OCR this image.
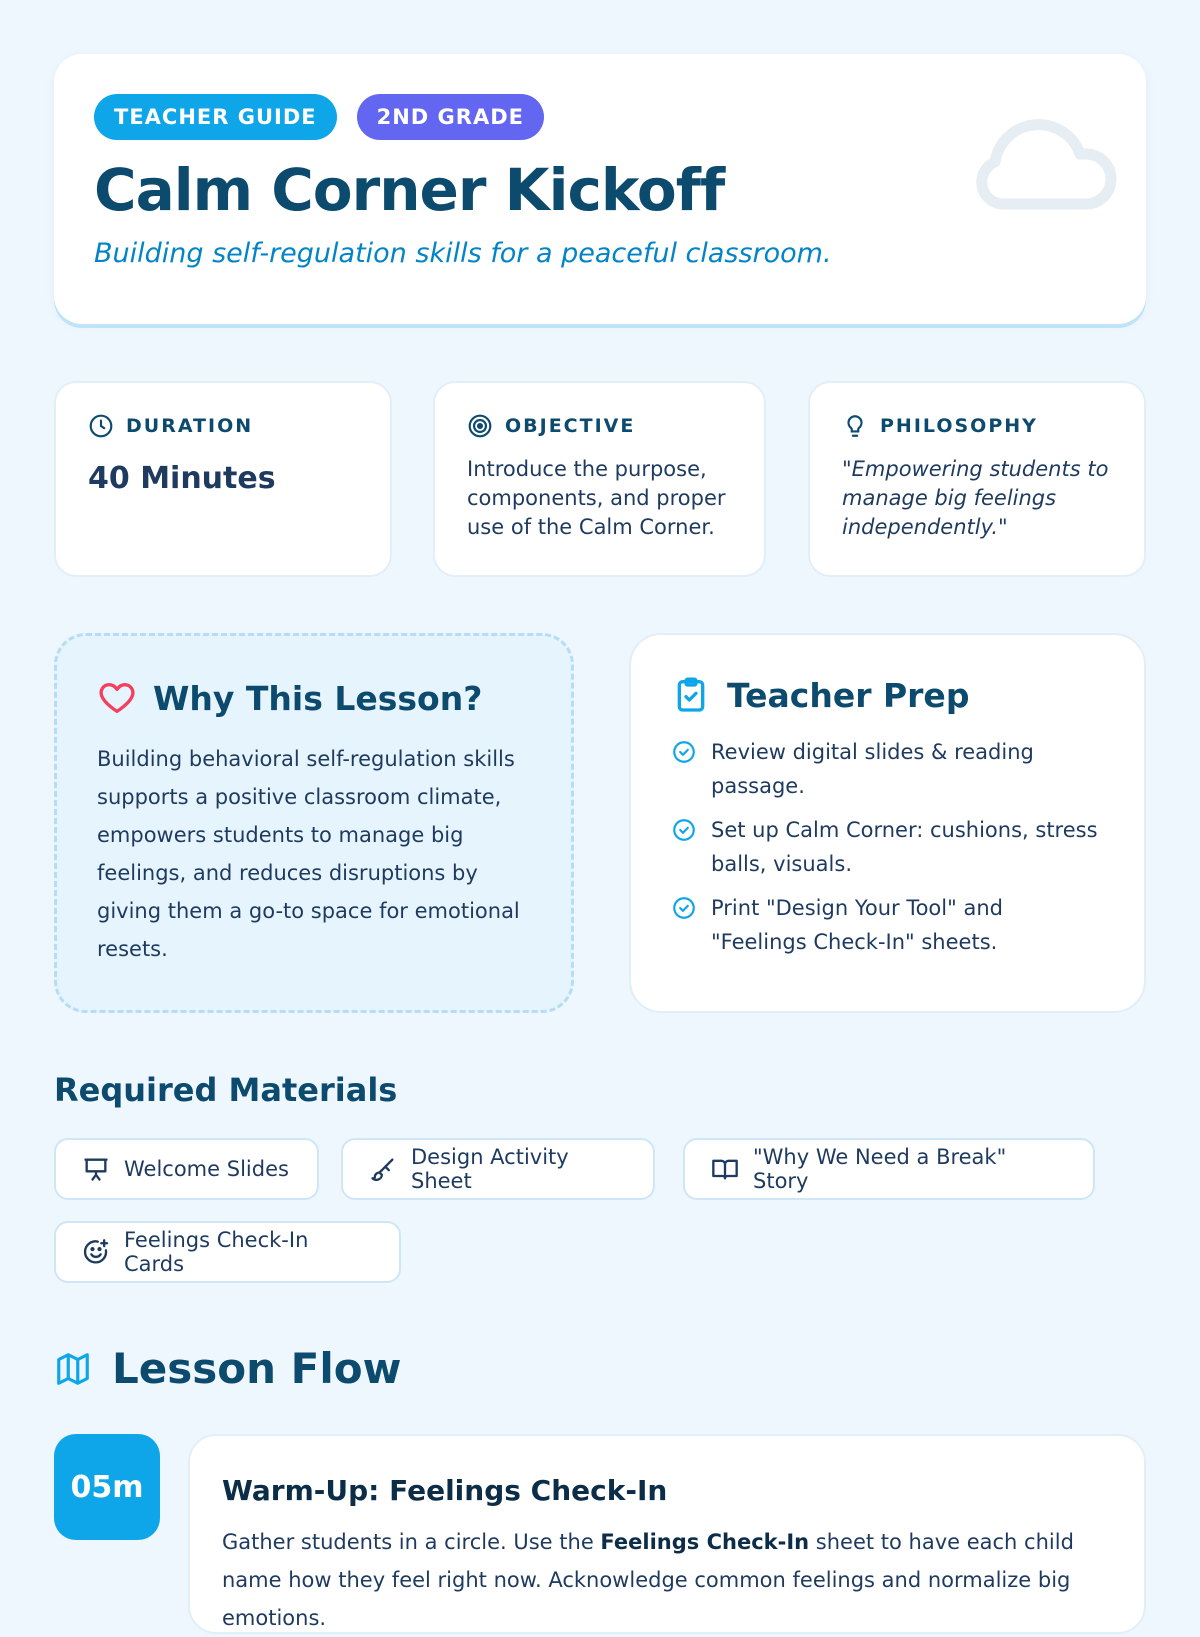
TEACHER GUIDE	2ND GRADE
Calm Corner Kickoff

Building self-regulation skills for a peaceful classroom.

DURATION
40 Minutes
OBJECTIVE
Introduce the purpose, components, and proper use of the Calm Corner.
PHILOSOPHY
"Empowering students to manage big feelings independently."
Why This Lesson?

Building behavioral self-regulation skills supports a positive classroom climate, empowers students to manage big feelings, and reduces disruptions by giving them a go-to space for emotional resets.

Teacher Prep
Review digital slides & reading passage.
Set up Calm Corner: cushions, stress balls, visuals.
Print "Design Your Tool" and "Feelings Check-In" sheets.
Required Materials
Welcome Slides	Design Activity Sheet
"Why We Need a Break" Story
Feelings Check-In Cards
Lesson Flow
05m	Warm-Up: Feelings Check-In

Gather students in a circle. Use the Feelings Check-In sheet to have each child name how they feel right now. Acknowledge common feelings and normalize big emotions.
